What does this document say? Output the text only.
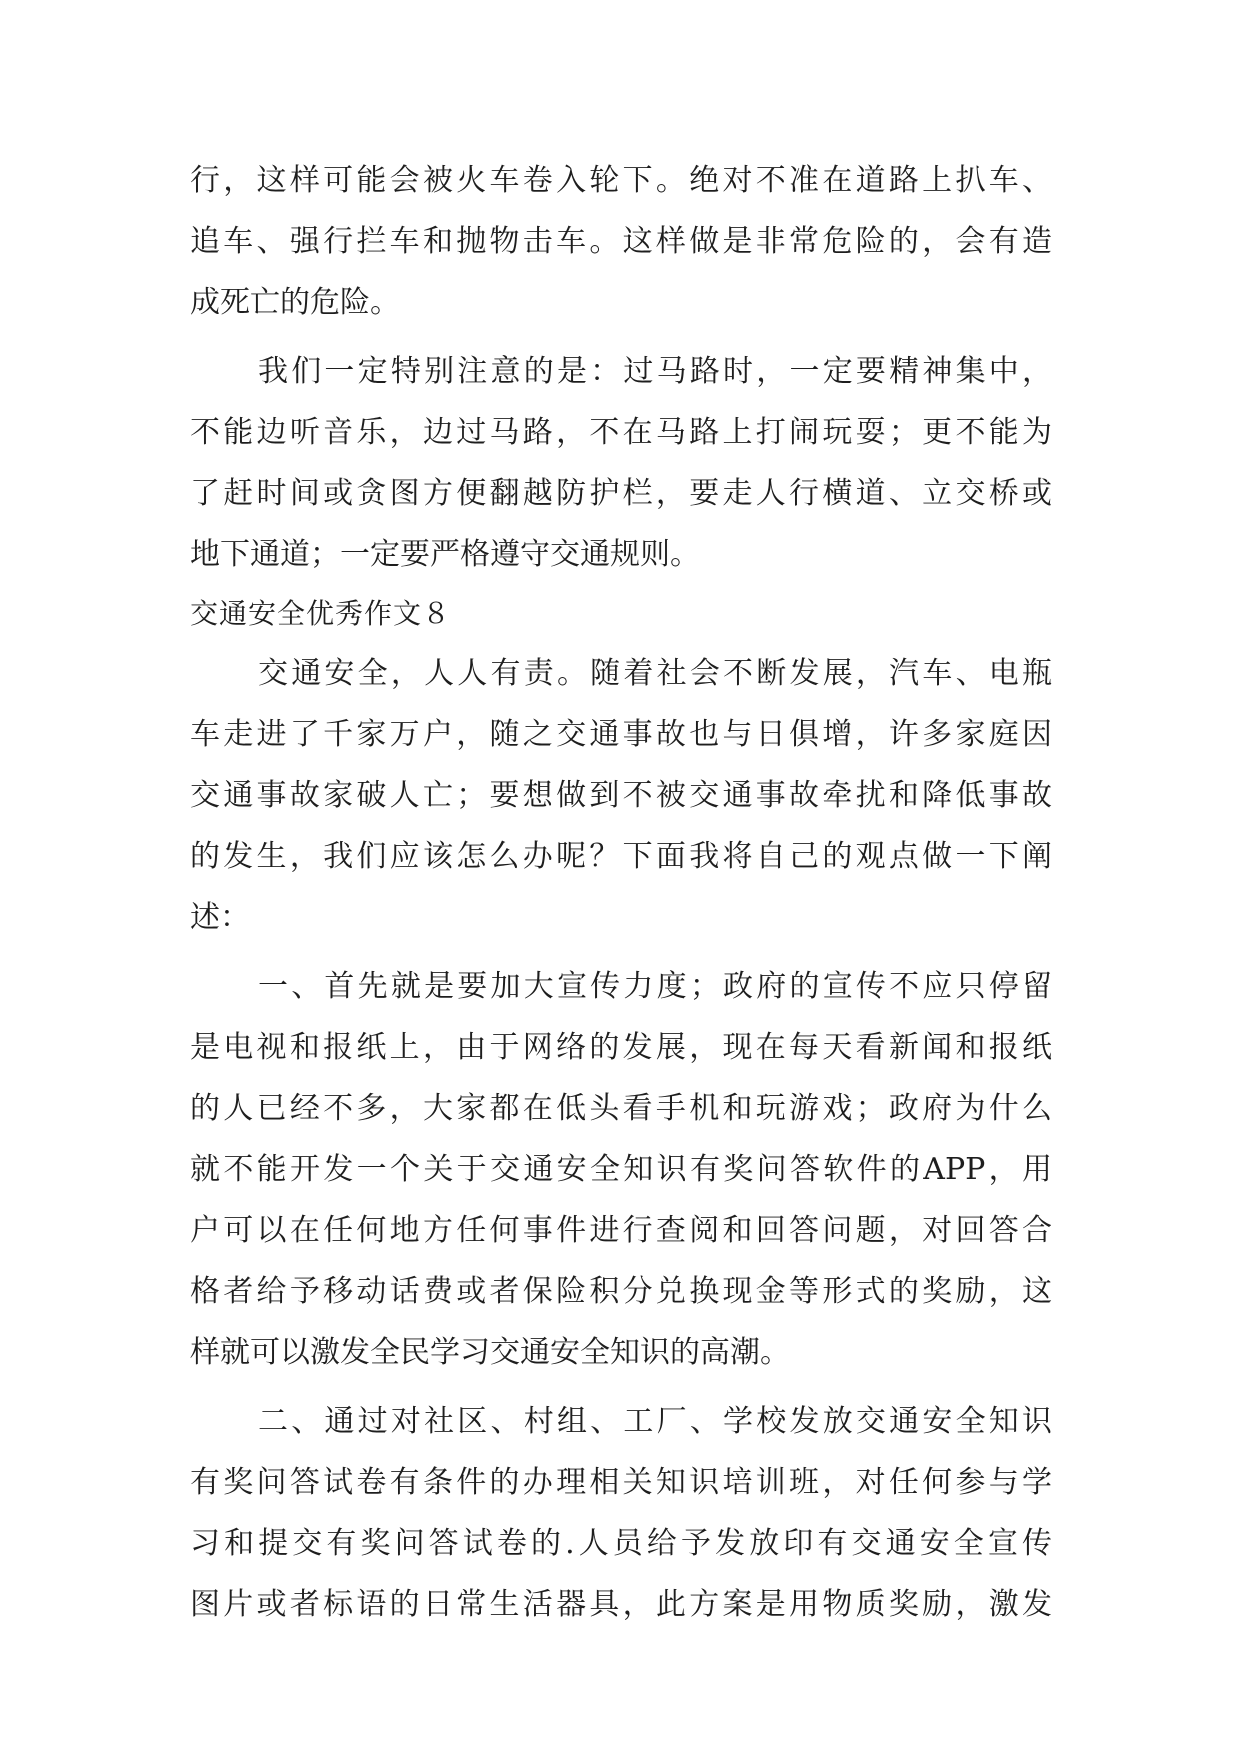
行，这样可能会被火车卷入轮下。绝对不准在道路上扒车、
追车、强行拦车和抛物击车。这样做是非常危险的，会有造
成死亡的危险。
我们一定特别注意的是：过马路时，一定要精神集中，
不能边听音乐，边过马路，不在马路上打闹玩耍；更不能为
了赶时间或贪图方便翻越防护栏，要走人行横道、立交桥或
地下通道；一定要严格遵守交通规则。
交通安全优秀作文８
交通安全，人人有责。随着社会不断发展，汽车、电瓶
车走进了千家万户，随之交通事故也与日俱增，许多家庭因
交通事故家破人亡；要想做到不被交通事故牵扰和降低事故
的发生，我们应该怎么办呢？下面我将自己的观点做一下阐
述：
一、首先就是要加大宣传力度；政府的宣传不应只停留
是电视和报纸上，由于网络的发展，现在每天看新闻和报纸
的人已经不多，大家都在低头看手机和玩游戏；政府为什么
就不能开发一个关于交通安全知识有奖问答软件的APP，用
户可以在任何地方任何事件进行查阅和回答问题，对回答合
格者给予移动话费或者保险积分兑换现金等形式的奖励，这
样就可以激发全民学习交通安全知识的高潮。
二、通过对社区、村组、工厂、学校发放交通安全知识
有奖问答试卷有条件的办理相关知识培训班，对任何参与学
习和提交有奖问答试卷的.人员给予发放印有交通安全宣传
图片或者标语的日常生活器具，此方案是用物质奖励，激发
